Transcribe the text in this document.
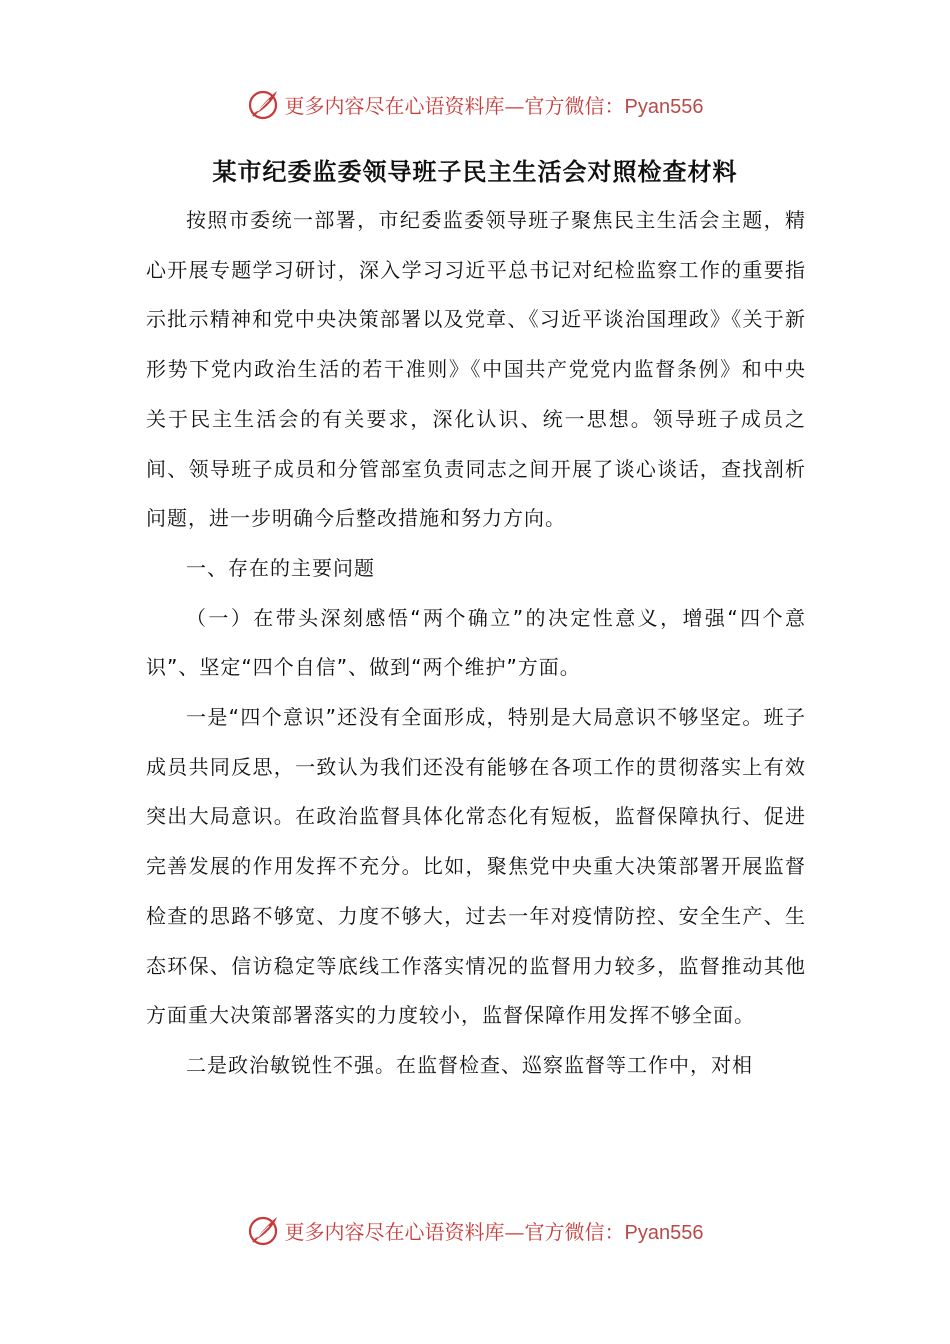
更多内容尽在心语资料库—官方微信：Pyan556
某市纪委监委领导班子民主生活会对照检查材料

按照市委统一部署，市纪委监委领导班子聚焦民主生活会主题，精心开展专题学习研讨，深入学习习近平总书记对纪检监察工作的重要指示批示精神和党中央决策部署以及党章、《习近平谈治国理政》《关于新形势下党内政治生活的若干准则》《中国共产党党内监督条例》和中央关于民主生活会的有关要求，深化认识、统一思想。领导班子成员之间、领导班子成员和分管部室负责同志之间开展了谈心谈话，查找剖析问题，进一步明确今后整改措施和努力方向。

一、存在的主要问题

（一）在带头深刻感悟“两个确立”的决定性意义，增强“四个意识”、坚定“四个自信”、做到“两个维护”方面。

一是“四个意识”还没有全面形成，特别是大局意识不够坚定。班子成员共同反思，一致认为我们还没有能够在各项工作的贯彻落实上有效突出大局意识。在政治监督具体化常态化有短板，监督保障执行、促进完善发展的作用发挥不充分。比如，聚焦党中央重大决策部署开展监督检查的思路不够宽、力度不够大，过去一年对疫情防控、安全生产、生态环保、信访稳定等底线工作落实情况的监督用力较多，监督推动其他方面重大决策部署落实的力度较小，监督保障作用发挥不够全面。

二是政治敏锐性不强。在监督检查、巡察监督等工作中，对相

更多内容尽在心语资料库—官方微信：Pyan556
